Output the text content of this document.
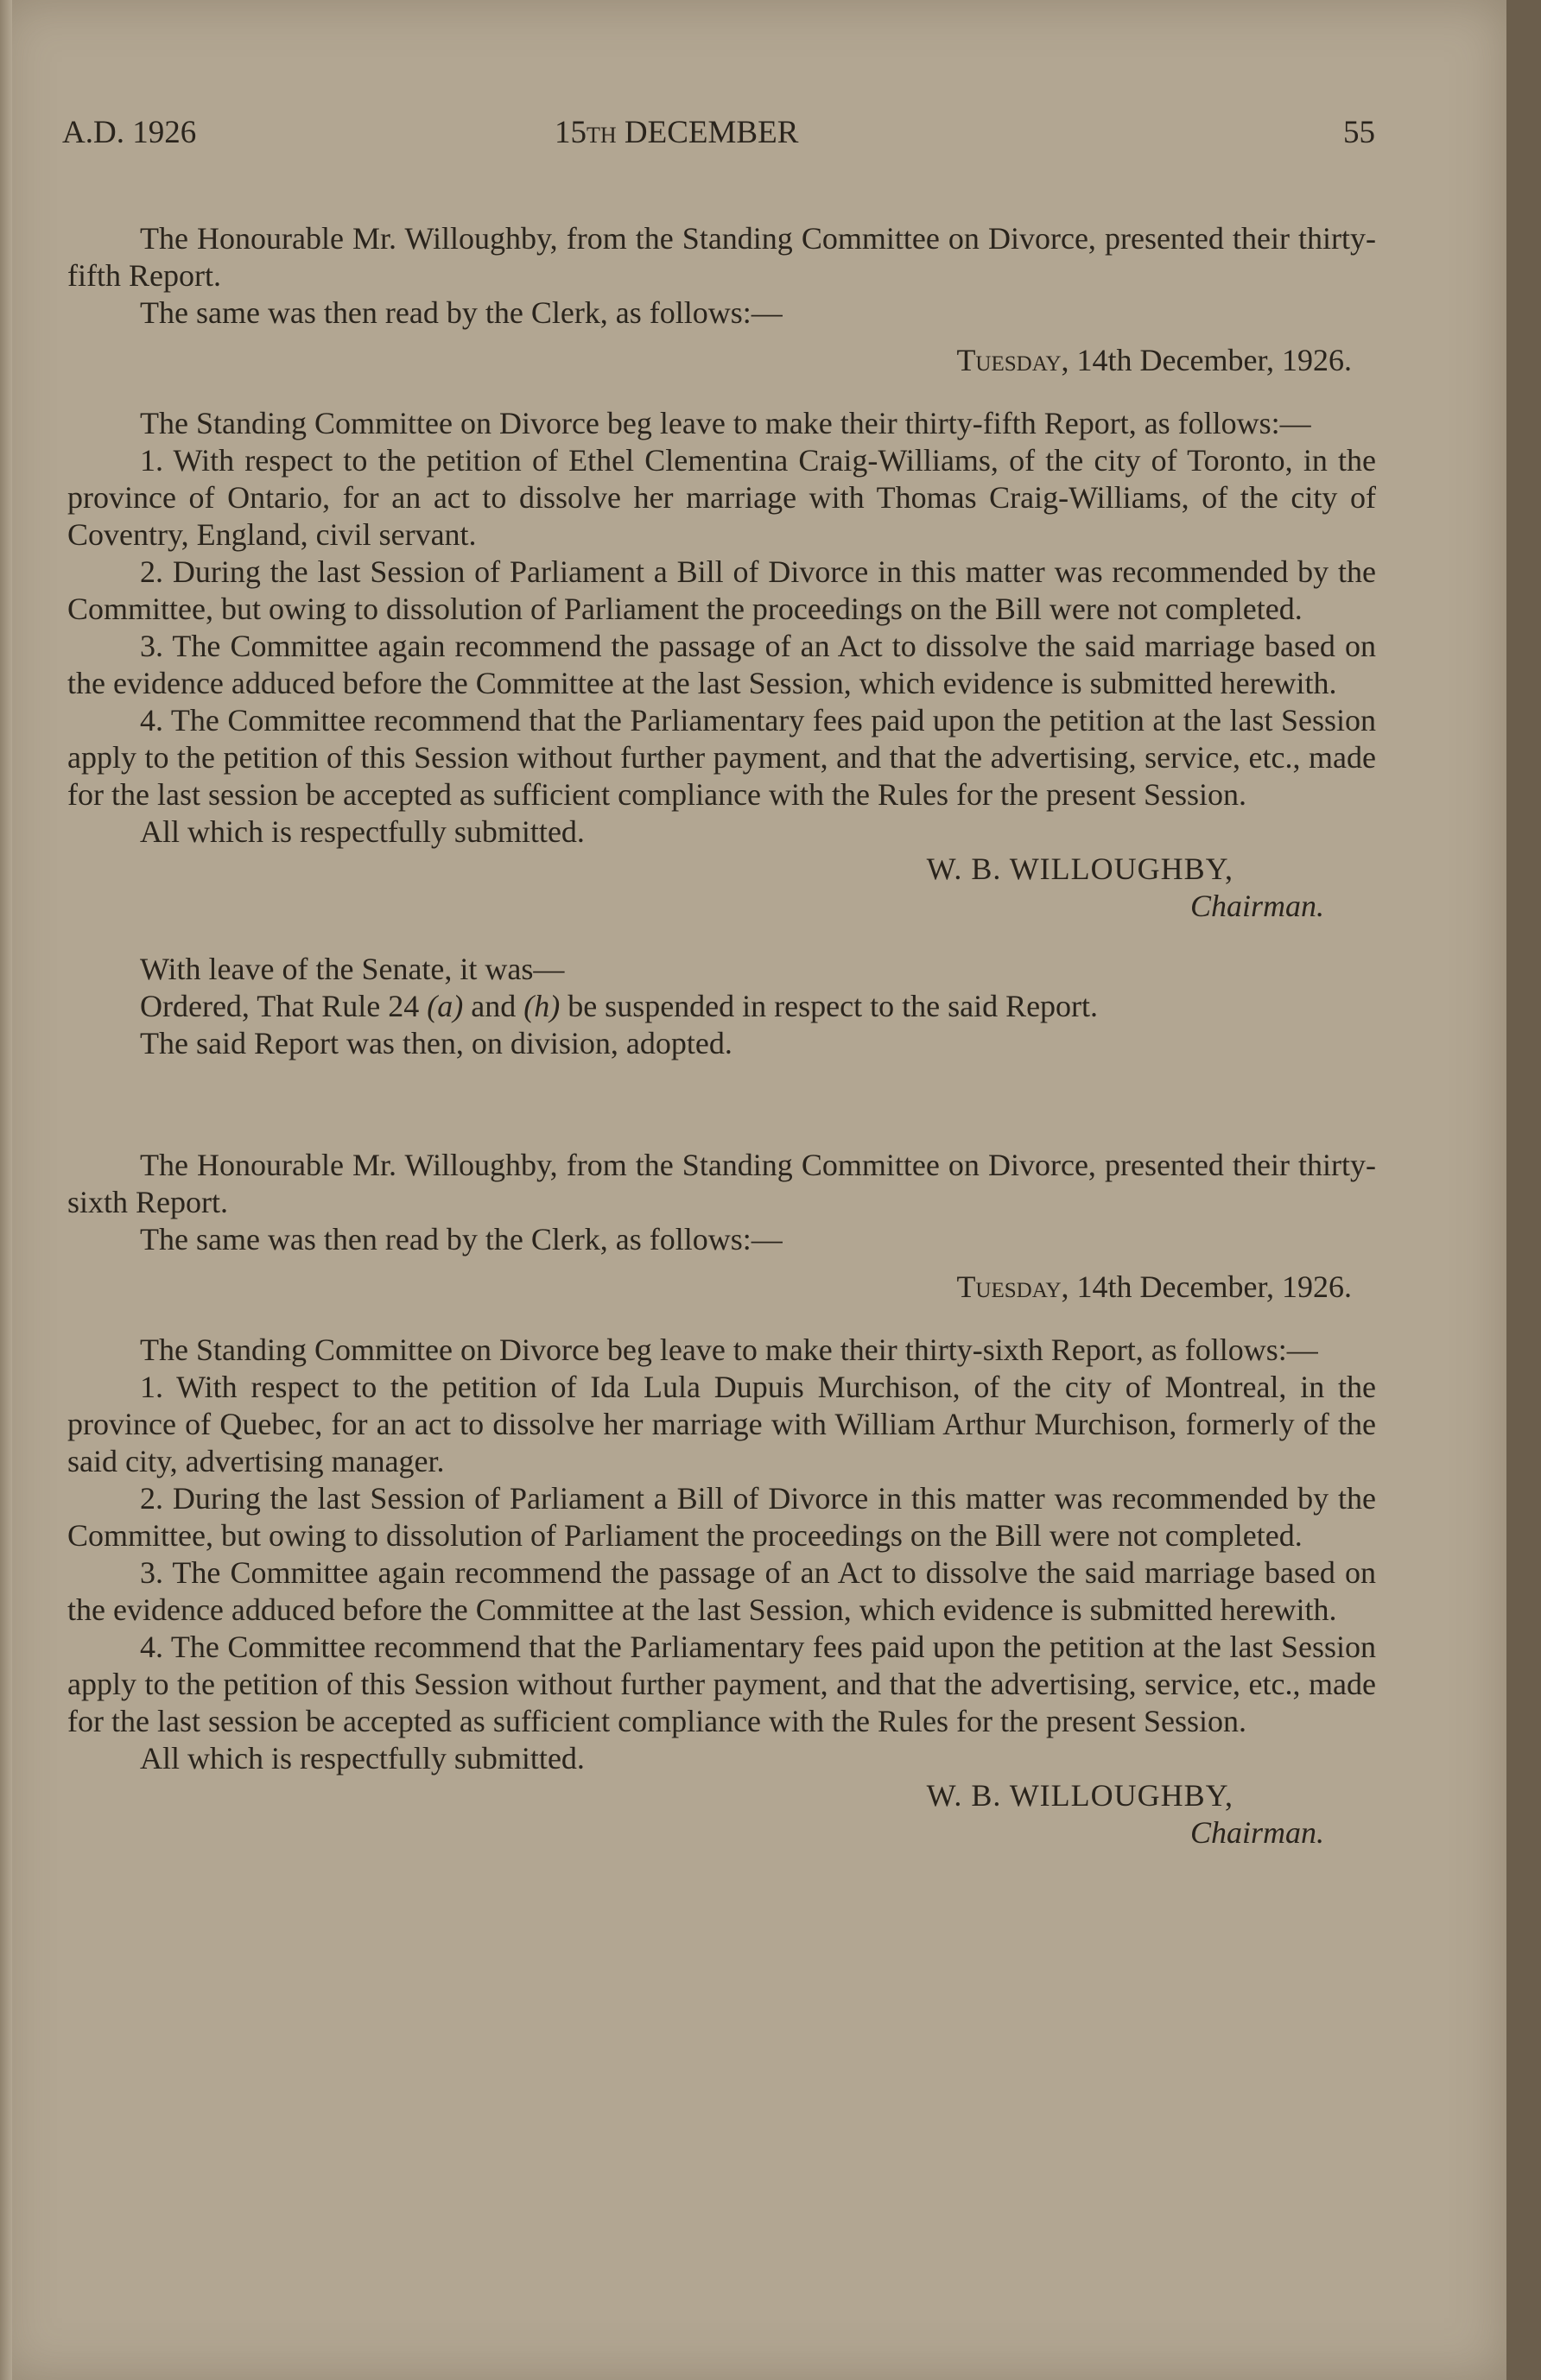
A.D. 1926	15TH DECEMBER	55

The Honourable Mr. Willoughby, from the Standing Committee on Divorce, presented their thirty-fifth Report.

The same was then read by the Clerk, as follows:—

Tuesday, 14th December, 1926.

The Standing Committee on Divorce beg leave to make their thirty-fifth Report, as follows:—

1. With respect to the petition of Ethel Clementina Craig-Williams, of the city of Toronto, in the province of Ontario, for an act to dissolve her marriage with Thomas Craig-Williams, of the city of Coventry, England, civil servant.

2. During the last Session of Parliament a Bill of Divorce in this matter was recommended by the Committee, but owing to dissolution of Parliament the proceedings on the Bill were not completed.

3. The Committee again recommend the passage of an Act to dissolve the said marriage based on the evidence adduced before the Committee at the last Session, which evidence is submitted herewith.

4. The Committee recommend that the Parliamentary fees paid upon the petition at the last Session apply to the petition of this Session without further payment, and that the advertising, service, etc., made for the last session be accepted as sufficient compliance with the Rules for the present Session.

All which is respectfully submitted.

W. B. WILLOUGHBY,

Chairman.

With leave of the Senate, it was—

Ordered, That Rule 24 (a) and (h) be suspended in respect to the said Report.

The said Report was then, on division, adopted.

The Honourable Mr. Willoughby, from the Standing Committee on Divorce, presented their thirty-sixth Report.

The same was then read by the Clerk, as follows:—

Tuesday, 14th December, 1926.

The Standing Committee on Divorce beg leave to make their thirty-sixth Report, as follows:—

1. With respect to the petition of Ida Lula Dupuis Murchison, of the city of Montreal, in the province of Quebec, for an act to dissolve her marriage with William Arthur Murchison, formerly of the said city, advertising manager.

2. During the last Session of Parliament a Bill of Divorce in this matter was recommended by the Committee, but owing to dissolution of Parliament the proceedings on the Bill were not completed.

3. The Committee again recommend the passage of an Act to dissolve the said marriage based on the evidence adduced before the Committee at the last Session, which evidence is submitted herewith.

4. The Committee recommend that the Parliamentary fees paid upon the petition at the last Session apply to the petition of this Session without further payment, and that the advertising, service, etc., made for the last session be accepted as sufficient compliance with the Rules for the present Session.

All which is respectfully submitted.

W. B. WILLOUGHBY,

Chairman.
